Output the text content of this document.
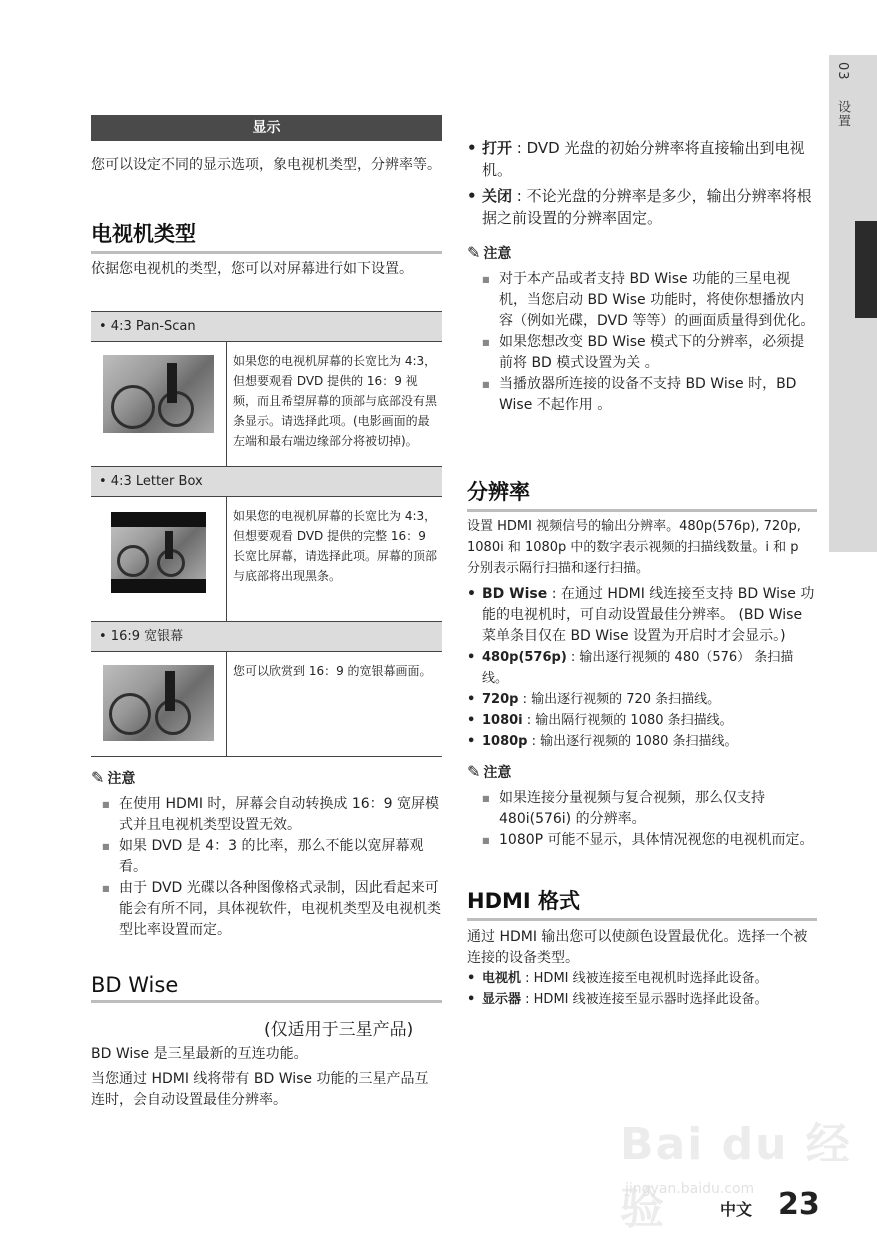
03 设置
显示
您可以设定不同的显示选项，象电视机类型，分辨率等。
电视机类型
依据您电视机的类型，您可以对屏幕进行如下设置。
• 4:3 Pan-Scan	

	如果您的电视机屏幕的长宽比为 4:3，但想要观看 DVD 提供的 16：9 视频，而且希望屏幕的顶部与底部没有黑条显示。请选择此项。(电影画面的最左端和最右端边缘部分将被切掉)。
• 4:3 Letter Box	

	如果您的电视机屏幕的长宽比为 4:3，但想要观看 DVD 提供的完整 16：9 长宽比屏幕，请选择此项。屏幕的顶部与底部将出现黑条。
• 16:9 宽银幕	

	您可以欣赏到 16：9 的宽银幕画面。
✎ 注意
■ 在使用 HDMI 时，屏幕会自动转换成 16：9 宽屏模式并且电视机类型设置无效。
■ 如果 DVD 是 4：3 的比率，那么不能以宽屏幕观看。
■ 由于 DVD 光碟以各种图像格式录制，因此看起来可能会有所不同，具体视软件，电视机类型及电视机类型比率设置而定。
BD Wise
(仅适用于三星产品)
BD Wise 是三星最新的互连功能。
当您通过 HDMI 线将带有 BD Wise 功能的三星产品互连时，会自动设置最佳分辨率。
• 打开 : DVD 光盘的初始分辨率将直接输出到电视机。
• 关闭 : 不论光盘的分辨率是多少，输出分辨率将根据之前设置的分辨率固定。
✎ 注意
■ 对于本产品或者支持 BD Wise 功能的三星电视机，当您启动 BD Wise 功能时，将使你想播放内容（例如光碟，DVD 等等）的画面质量得到优化。
■ 如果您想改变 BD Wise 模式下的分辨率，必须提前将 BD 模式设置为关 。
■ 当播放器所连接的设备不支持 BD Wise 时，BD Wise 不起作用 。
分辨率
设置 HDMI 视频信号的输出分辨率。480p(576p), 720p, 1080i 和 1080p 中的数字表示视频的扫描线数量。i 和 p 分别表示隔行扫描和逐行扫描。
• BD Wise : 在通过 HDMI 线连接至支持 BD Wise 功能的电视机时，可自动设置最佳分辨率。 (BD Wise 菜单条目仅在 BD Wise 设置为开启时才会显示。)
• 480p(576p) : 输出逐行视频的 480（576） 条扫描线。
• 720p : 输出逐行视频的 720 条扫描线。
• 1080i : 输出隔行视频的 1080 条扫描线。
• 1080p : 输出逐行视频的 1080 条扫描线。
✎ 注意
■ 如果连接分量视频与复合视频，那么仅支持 480i(576i) 的分辨率。
■ 1080P 可能不显示，具体情况视您的电视机而定。
HDMI 格式
通过 HDMI 输出您可以使颜色设置最优化。选择一个被连接的设备类型。
• 电视机 : HDMI 线被连接至电视机时选择此设备。
• 显示器 : HDMI 线被连接至显示器时选择此设备。
Bai du 经验
jingyan.baidu.com
中文 23
